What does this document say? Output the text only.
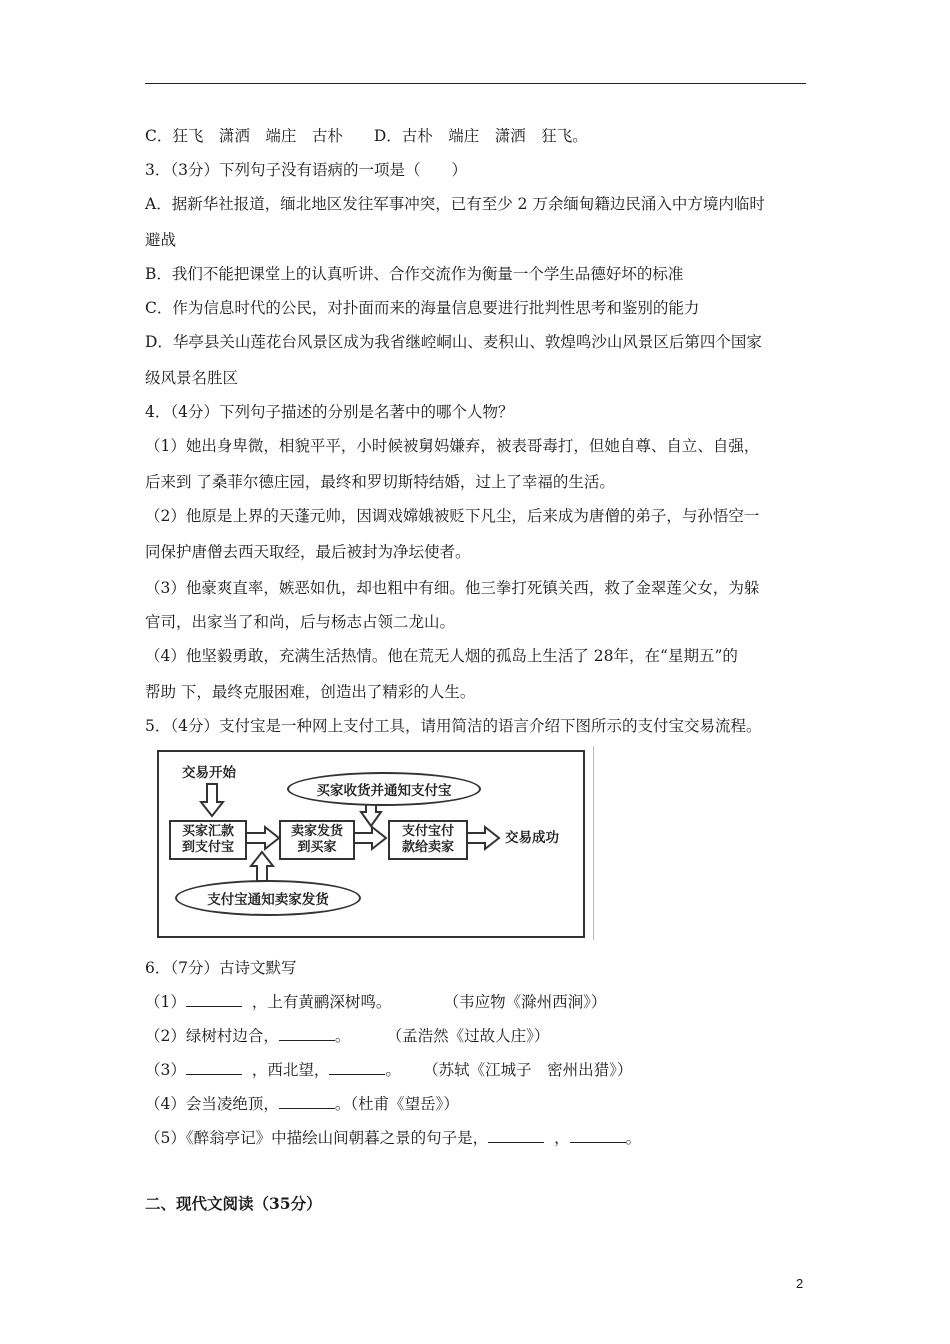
C．狂飞　潇洒　端庄　古朴　　D．古朴　端庄　潇洒　狂飞。
3．（3分）下列句子没有语病的一项是（　　）
A．据新华社报道，缅北地区发往军事冲突，已有至少 2 万余缅甸籍边民涌入中方境内临时
避战
B．我们不能把课堂上的认真听讲、合作交流作为衡量一个学生品德好坏的标准
C．作为信息时代的公民，对扑面而来的海量信息要进行批判性思考和鉴别的能力
D．华亭县关山莲花台风景区成为我省继崆峒山、麦积山、敦煌鸣沙山风景区后第四个国家
级风景名胜区
4．（4分）下列句子描述的分别是名著中的哪个人物？
（1）她出身卑微，相貌平平，小时候被舅妈嫌弃，被表哥毒打，但她自尊、自立、自强，
后来到 了桑菲尔德庄园，最终和罗切斯特结婚，过上了幸福的生活。
（2）他原是上界的天蓬元帅，因调戏嫦娥被贬下凡尘，后来成为唐僧的弟子，与孙悟空一
同保护唐僧去西天取经，最后被封为净坛使者。
（3）他豪爽直率，嫉恶如仇，却也粗中有细。他三拳打死镇关西，救了金翠莲父女，为躲
官司，出家当了和尚，后与杨志占领二龙山。
（4）他坚毅勇敢，充满生活热情。他在荒无人烟的孤岛上生活了 28年，在“星期五”的
帮助 下，最终克服困难，创造出了精彩的人生。
5．（4分）支付宝是一种网上支付工具，请用简洁的语言介绍下图所示的支付宝交易流程。
交易开始
买家收货并通知支付宝
买家汇款
到支付宝
卖家发货
到买家
支付宝付
款给卖家
交易成功
支付宝通知卖家发货
6．（7分）古诗文默写
（1）	，上有黄鹂深树鸣。	（韦应物《滁州西涧》）
（2）绿树村边合，	。	（孟浩然《过故人庄》）
（3）	，西北望，	。 （苏轼《江城子　密州出猎》）
（4）会当凌绝顶，	。（杜甫《望岳》）
（5）《醉翁亭记》中描绘山间朝暮之景的句子是，	，	。
二、现代文阅读（35分）
2
